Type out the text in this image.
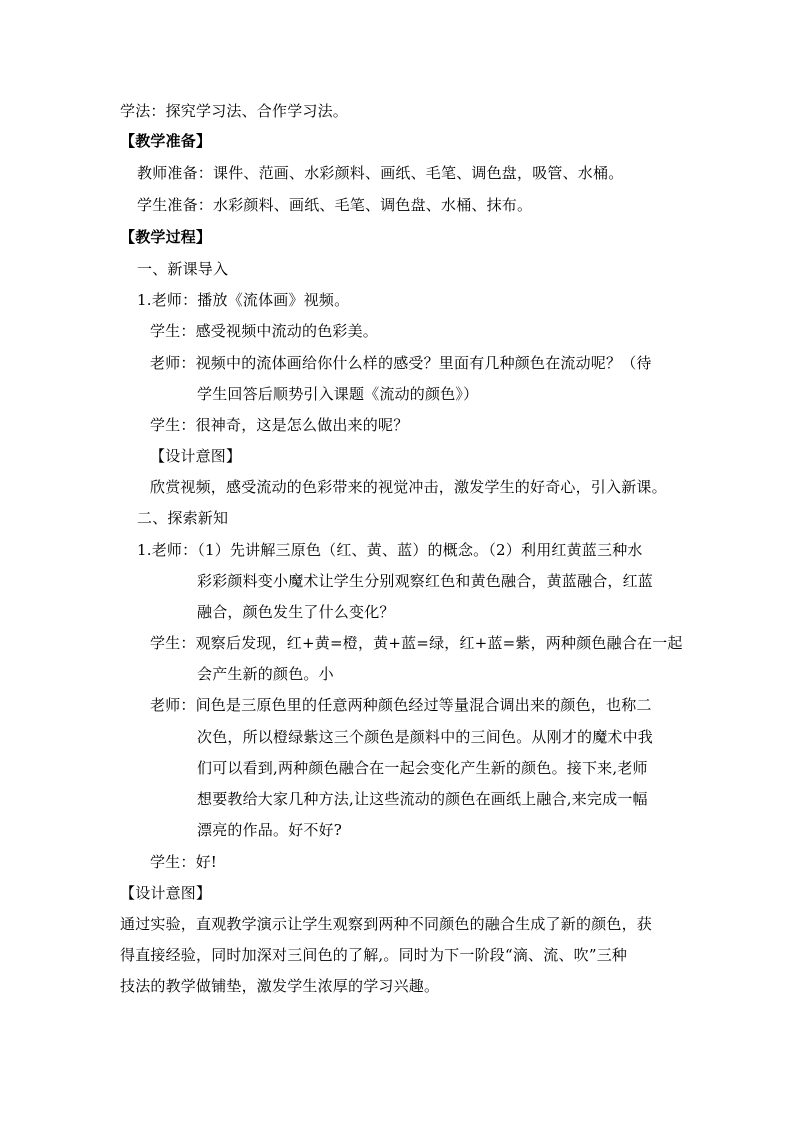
学法：探究学习法、合作学习法。
【教学准备】
教师准备：课件、范画、水彩颜料、画纸、毛笔、调色盘，吸管、水桶。
学生准备：水彩颜料、画纸、毛笔、调色盘、水桶、抹布。
【教学过程】
一、新课导入
1.老师：播放《流体画》视频。
学生：感受视频中流动的色彩美。
老师：视频中的流体画给你什么样的感受？里面有几种颜色在流动呢？（待
学生回答后顺势引入课题《流动的颜色》）
学生：很神奇，这是怎么做出来的呢？
【设计意图】
欣赏视频，感受流动的色彩带来的视觉冲击，激发学生的好奇心，引入新课。
二、探索新知
1.老师：（1）先讲解三原色（红、黄、蓝）的概念。（2）利用红黄蓝三种水
彩彩颜料变小魔术让学生分别观察红色和黄色融合，黄蓝融合，红蓝
融合，颜色发生了什么变化？
学生：观察后发现，红+黄=橙，黄+蓝=绿，红+蓝=紫，两种颜色融合在一起
会产生新的颜色。小
老师：间色是三原色里的任意两种颜色经过等量混合调出来的颜色，也称二
次色，所以橙绿紫这三个颜色是颜料中的三间色。从刚才的魔术中我
们可以看到,两种颜色融合在一起会变化产生新的颜色。接下来,老师
想要教给大家几种方法,让这些流动的颜色在画纸上融合,来完成一幅
漂亮的作品。好不好?
学生：好!
【设计意图】
通过实验，直观教学演示让学生观察到两种不同颜色的融合生成了新的颜色，获
得直接经验，同时加深对三间色的了解,。同时为下一阶段“滴、流、吹”三种
技法的教学做铺垫，激发学生浓厚的学习兴趣。
